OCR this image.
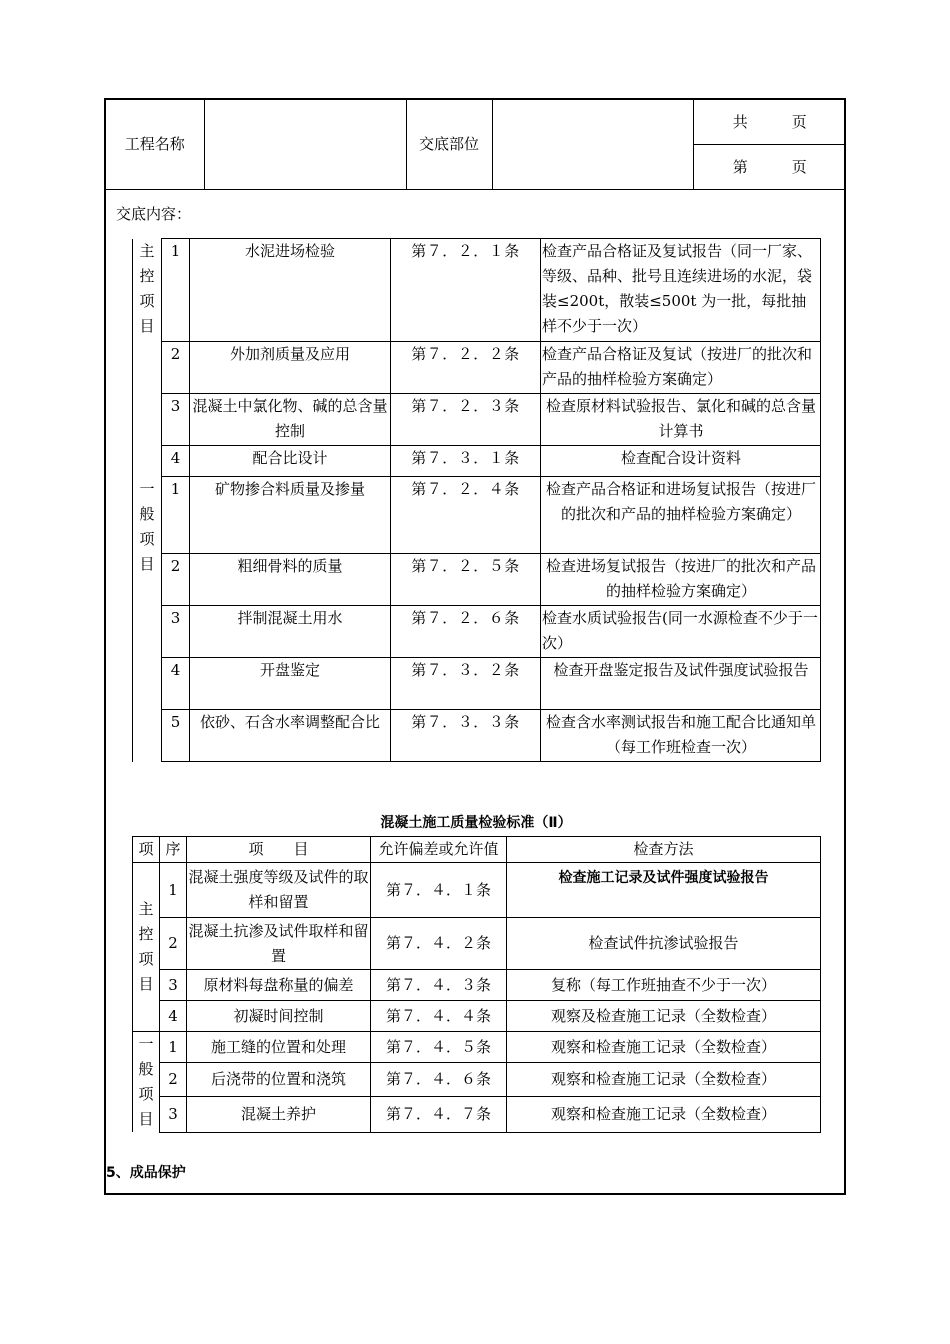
工程名称		交底部位		共	页
第	页
交底内容：
主控项目	1	水泥进场检验	第７．２．１条	检查产品合格证及复试报告（同一厂家、等级、品种、批号且连续进场的水泥，袋装≤200t，散装≤500t 为一批，每批抽样不少于一次）
	2	外加剂质量及应用	第７．２．２条	检查产品合格证及复试（按进厂的批次和产品的抽样检验方案确定）
	3	混凝土中氯化物、碱的总含量控制	第７．２．３条	检查原材料试验报告、氯化和碱的总含量计算书
	4	配合比设计	第７．３．１条	检查配合设计资料

一般项目	1	矿物掺合料质量及掺量	第７．２．４条	检查产品合格证和进场复试报告（按进厂的批次和产品的抽样检验方案确定）
	2	粗细骨料的质量	第７．２．５条	检查进场复试报告（按进厂的批次和产品的抽样检验方案确定）
	3	拌制混凝土用水	第７．２．６条	检查水质试验报告(同一水源检查不少于一次）
	4	开盘鉴定	第７．３．２条	检查开盘鉴定报告及试件强度试验报告
	5	依砂、石含水率调整配合比	第７．３．３条	检查含水率测试报告和施工配合比通知单（每工作班检查一次）
混凝土施工质量检验标准（Ⅱ）
项	序	项　　目	允许偏差或允许值	检查方法

主控项目	1	混凝土强度等级及试件的取样和留置	第７．４．１条	检查施工记录及试件强度试验报告
	2	混凝土抗渗及试件取样和留置	第７．４．２条	检查试件抗渗试验报告
	3	原材料每盘称量的偏差	第７．４．３条	复称（每工作班抽查不少于一次）
	4	初凝时间控制	第７．４．４条	观察及检查施工记录（全数检查）

一般项目	1	施工缝的位置和处理	第７．４．５条	观察和检查施工记录（全数检查）
	2	后浇带的位置和浇筑	第７．４．６条	观察和检查施工记录（全数检查）
	3	混凝土养护	第７．４．７条	观察和检查施工记录（全数检查）
5、成品保护
